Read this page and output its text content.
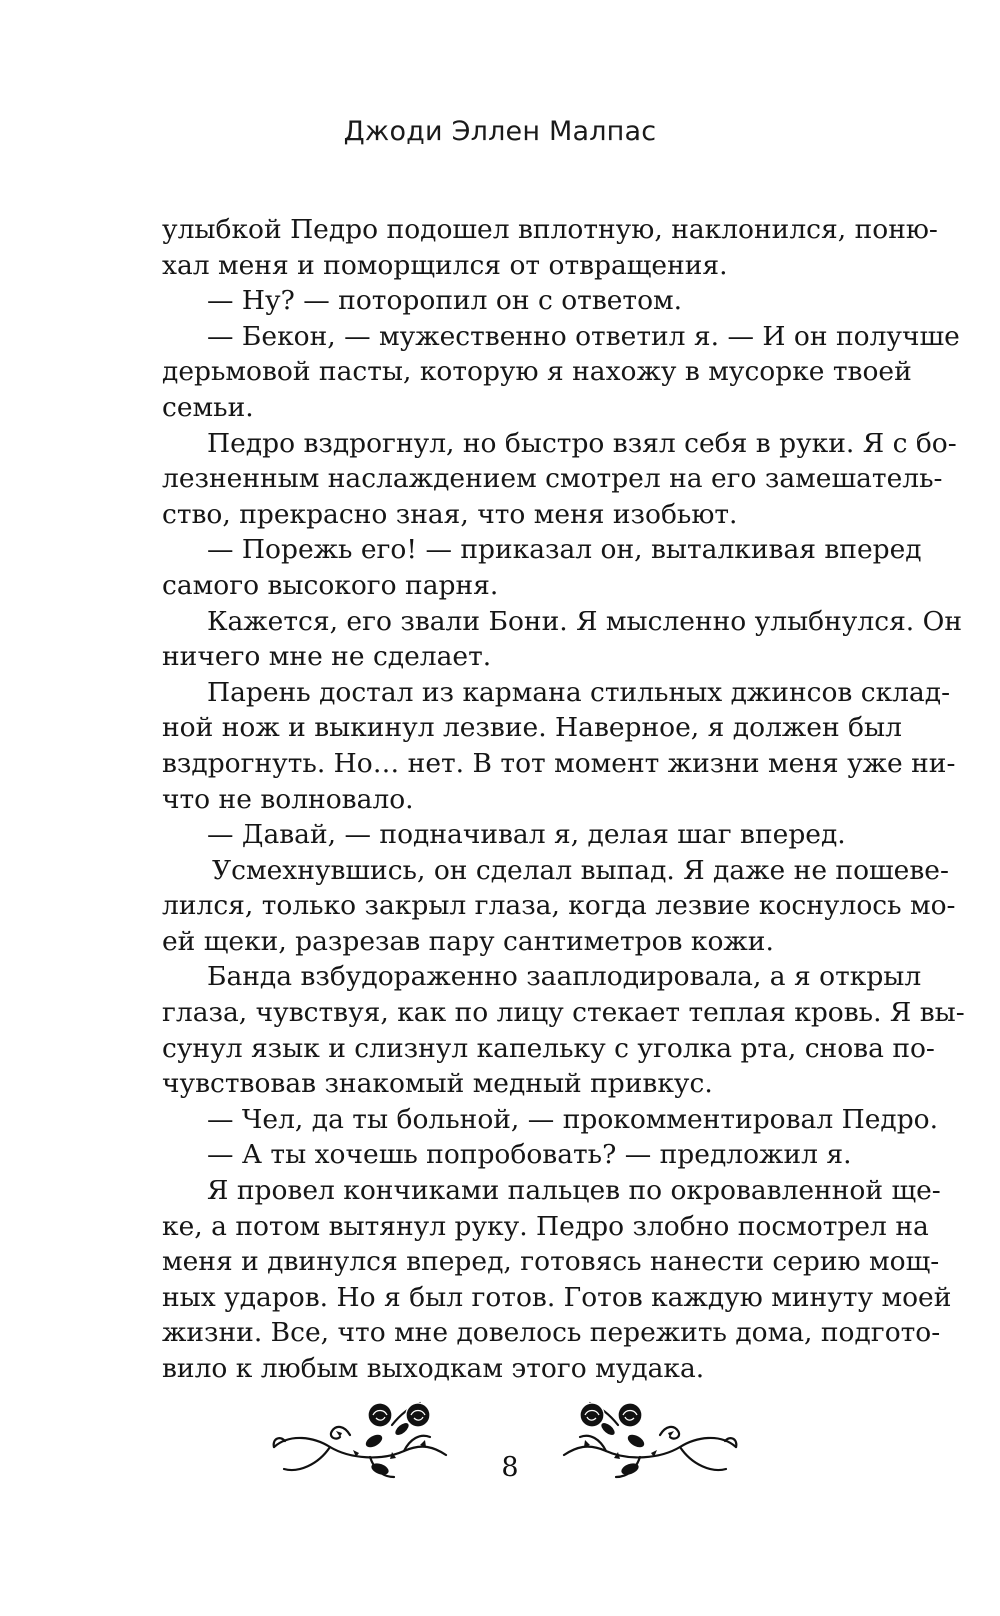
Джоди Эллен Малпас
улыбкой Педро подошел вплотную, наклонился, поню-
хал меня и поморщился от отвращения.
— Ну? — поторопил он с ответом.
— Бекон, — мужественно ответил я. — И он получше
дерьмовой пасты, которую я нахожу в мусорке твоей
семьи.
Педро вздрогнул, но быстро взял себя в руки. Я с бо-
лезненным наслаждением смотрел на его замешатель-
ство, прекрасно зная, что меня изобьют.
— Порежь его! — приказал он, выталкивая вперед
самого высокого парня.
Кажется, его звали Бони. Я мысленно улыбнулся. Он
ничего мне не сделает.
Парень достал из кармана стильных джинсов склад-
ной нож и выкинул лезвие. Наверное, я должен был
вздрогнуть. Но… нет. В тот момент жизни меня уже ни-
что не волновало.
— Давай, — подначивал я, делая шаг вперед.
Усмехнувшись, он сделал выпад. Я даже не пошеве-
лился, только закрыл глаза, когда лезвие коснулось мо-
ей щеки, разрезав пару сантиметров кожи.
Банда взбудораженно зааплодировала, а я открыл
глаза, чувствуя, как по лицу стекает теплая кровь. Я вы-
сунул язык и слизнул капельку с уголка рта, снова по-
чувствовав знакомый медный привкус.
— Чел, да ты больной, — прокомментировал Педро.
— А ты хочешь попробовать? — предложил я.
Я провел кончиками пальцев по окровавленной ще-
ке, а потом вытянул руку. Педро злобно посмотрел на
меня и двинулся вперед, готовясь нанести серию мощ-
ных ударов. Но я был готов. Готов каждую минуту моей
жизни. Все, что мне довелось пережить дома, подгото-
вило к любым выходкам этого мудака.
8
